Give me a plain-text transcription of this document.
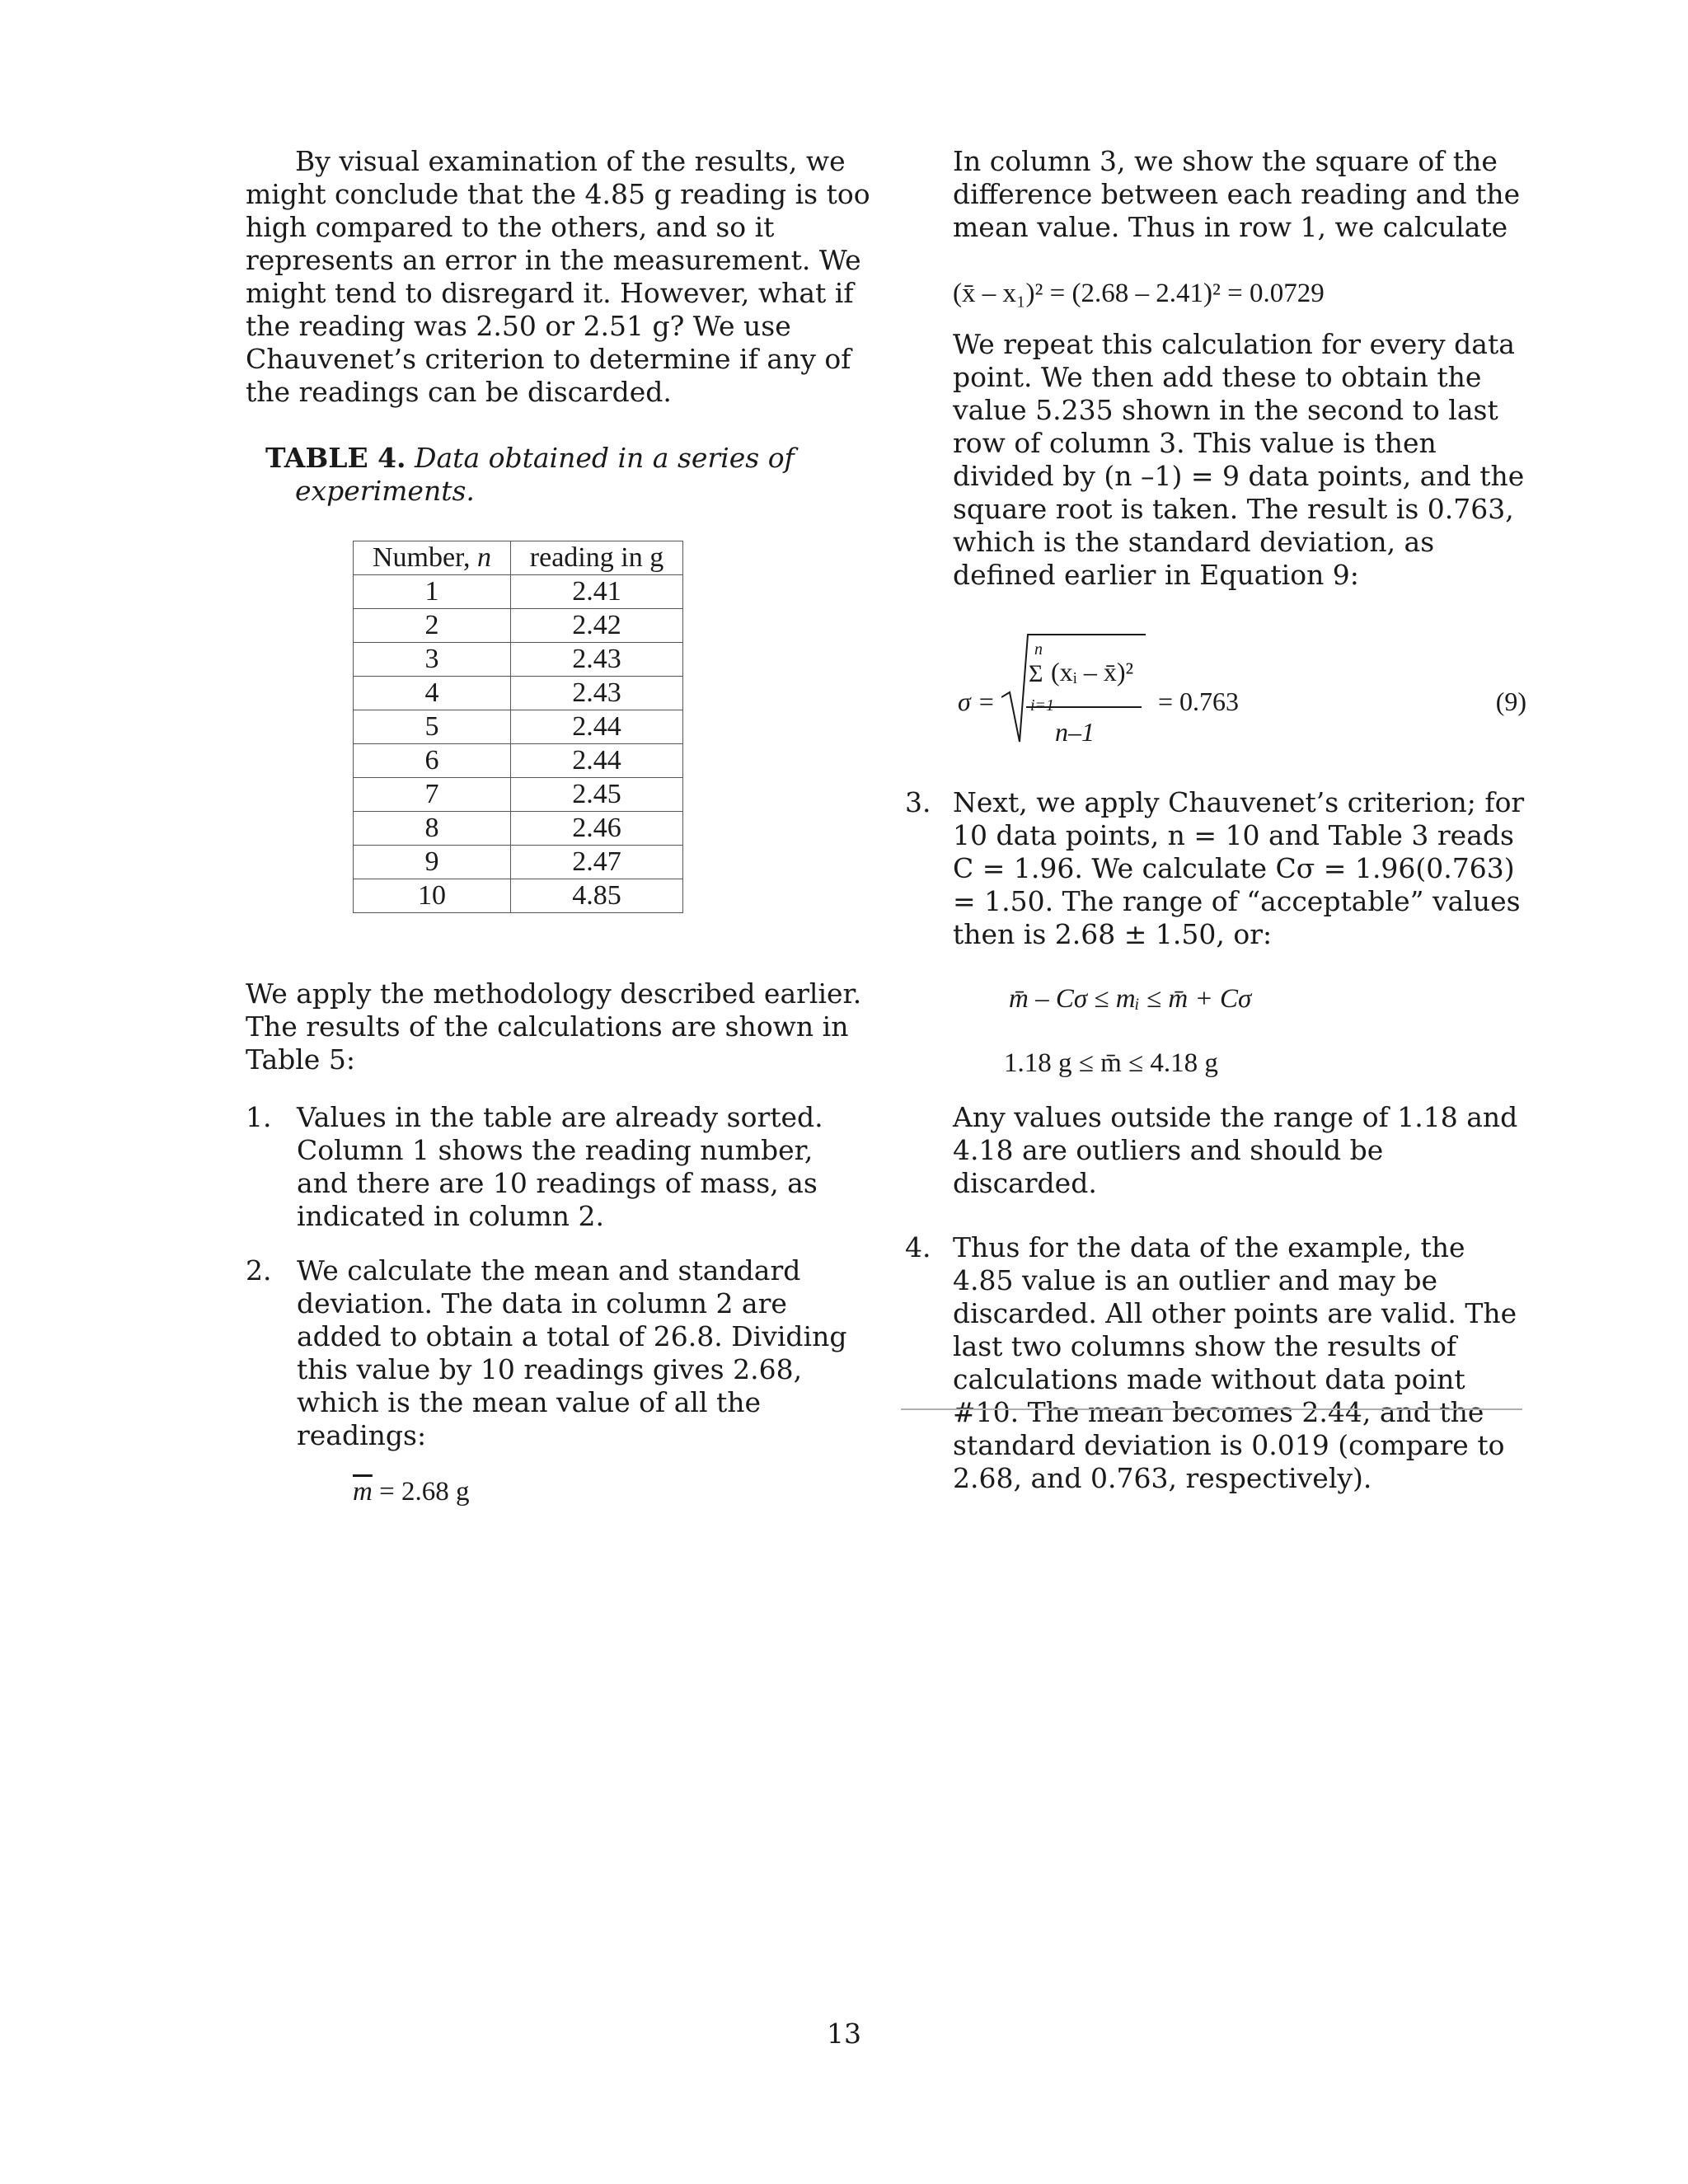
By visual examination of the results, we might conclude that the 4.85 g reading is too high compared to the others, and so it represents an error in the measurement. We might tend to disregard it. However, what if the reading was 2.50 or 2.51 g? We use Chauvenet’s criterion to determine if any of the readings can be discarded.

TABLE 4. Data obtained in a series of
experiments.
Number, n	reading in g
1	2.41
2	2.42
3	2.43
4	2.43
5	2.44
6	2.44
7	2.45
8	2.46
9	2.47
10	4.85

We apply the methodology described earlier. The results of the calculations are shown in Table 5:

1. Values in the table are already sorted. Column 1 shows the reading number, and there are 10 readings of mass, as indicated in column 2.
2. We calculate the mean and standard deviation. The data in column 2 are added to obtain a total of 26.8. Dividing this value by 10 readings gives 2.68, which is the mean value of all the readings:

$\overline{m} = 2.68$ g

In column 3, we show the square of the difference between each reading and the mean value. Thus in row 1, we calculate

(x̄ – x₁)² = (2.68 – 2.41)² = 0.0729

We repeat this calculation for every data point. We then add these to obtain the value 5.235 shown in the second to last row of column 3. This value is then divided by (n –1) = 9 data points, and the square root is taken. The result is 0.763, which is the standard deviation, as defined earlier in Equation 9:

σ =
n
Σ
i=1
(xᵢ – x̄)²
n–1
= 0.763	(9)
3. Next, we apply Chauvenet’s criterion; for 10 data points, n = 10 and Table 3 reads C = 1.96. We calculate Cσ = 1.96(0.763) = 1.50. The range of “acceptable” values then is 2.68 ± 1.50, or:

m̄ – Cσ ≤ mᵢ ≤ m̄ + Cσ

1.18 g ≤ m̄ ≤ 4.18 g

Any values outside the range of 1.18 and 4.18 are outliers and should be discarded.

4. Thus for the data of the example, the 4.85 value is an outlier and may be discarded. All other points are valid. The last two columns show the results of calculations made without data point #10. The mean becomes 2.44, and the standard deviation is 0.019 (compare to 2.68, and 0.763, respectively).
13
